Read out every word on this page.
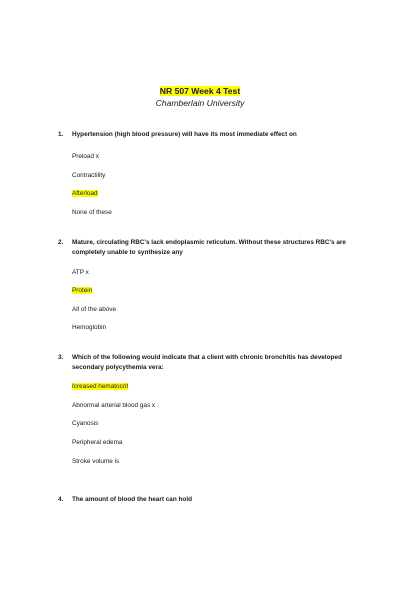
NR 507 Week 4 Test
Chamberlain University
1.	Hypertension (high blood pressure) will have its most immediate effect on
Preload x
Contractility
Afterload
None of these
2.	Mature, circulating RBC's lack endoplasmic reticulum. Without these structures RBC's are completely unable to synthesize any
ATP x
Protein
All of the above
Hemoglobin
3.	Which of the following would indicate that a client with chronic bronchitis has developed secondary polycythemia vera:
Icreased hematocrit
Abnormal arterial blood gas x
Cyanosis
Peripheral edema
Stroke volume is
4.	The amount of blood the heart can hold
